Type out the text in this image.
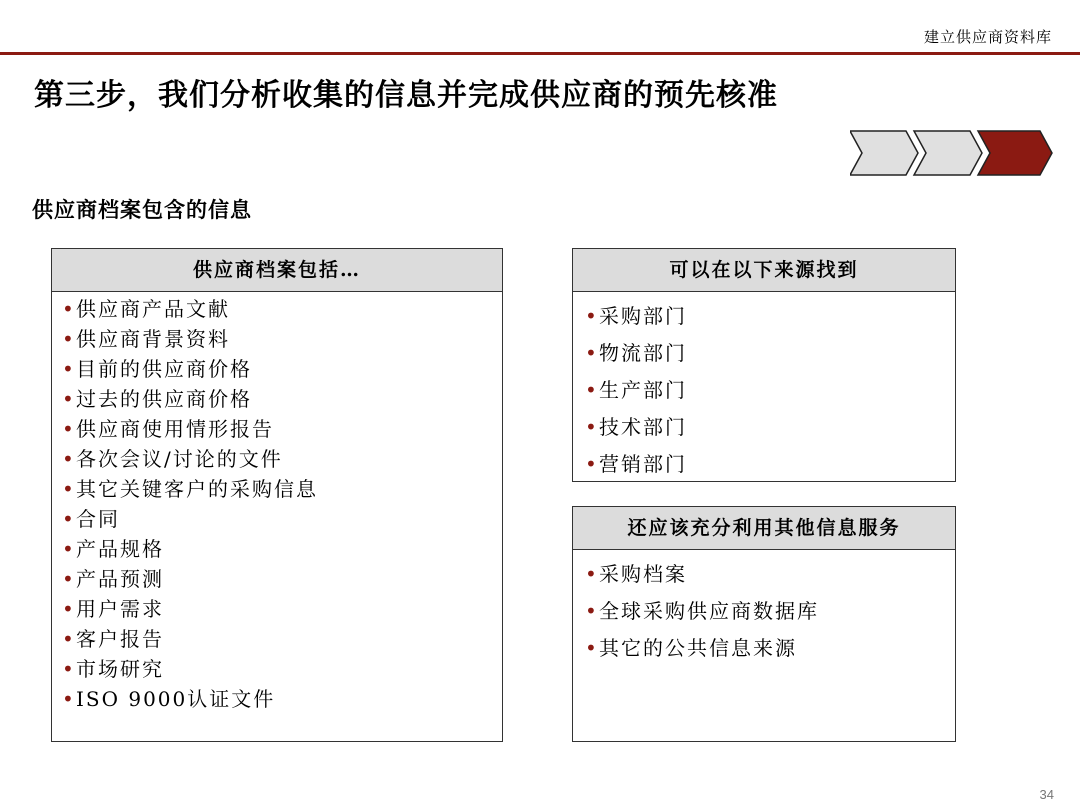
建立供应商资料库
第三步，我们分析收集的信息并完成供应商的预先核准
供应商档案包含的信息
供应商档案包括…
•供应商产品文献
•供应商背景资料
•目前的供应商价格
•过去的供应商价格
•供应商使用情形报告
•各次会议/讨论的文件
•其它关键客户的采购信息
•合同
•产品规格
•产品预测
•用户需求
•客户报告
•市场研究
•ISO 9000认证文件
可以在以下来源找到
•采购部门
•物流部门
•生产部门
•技术部门
•营销部门
还应该充分利用其他信息服务
•采购档案
•全球采购供应商数据库
•其它的公共信息来源
34
